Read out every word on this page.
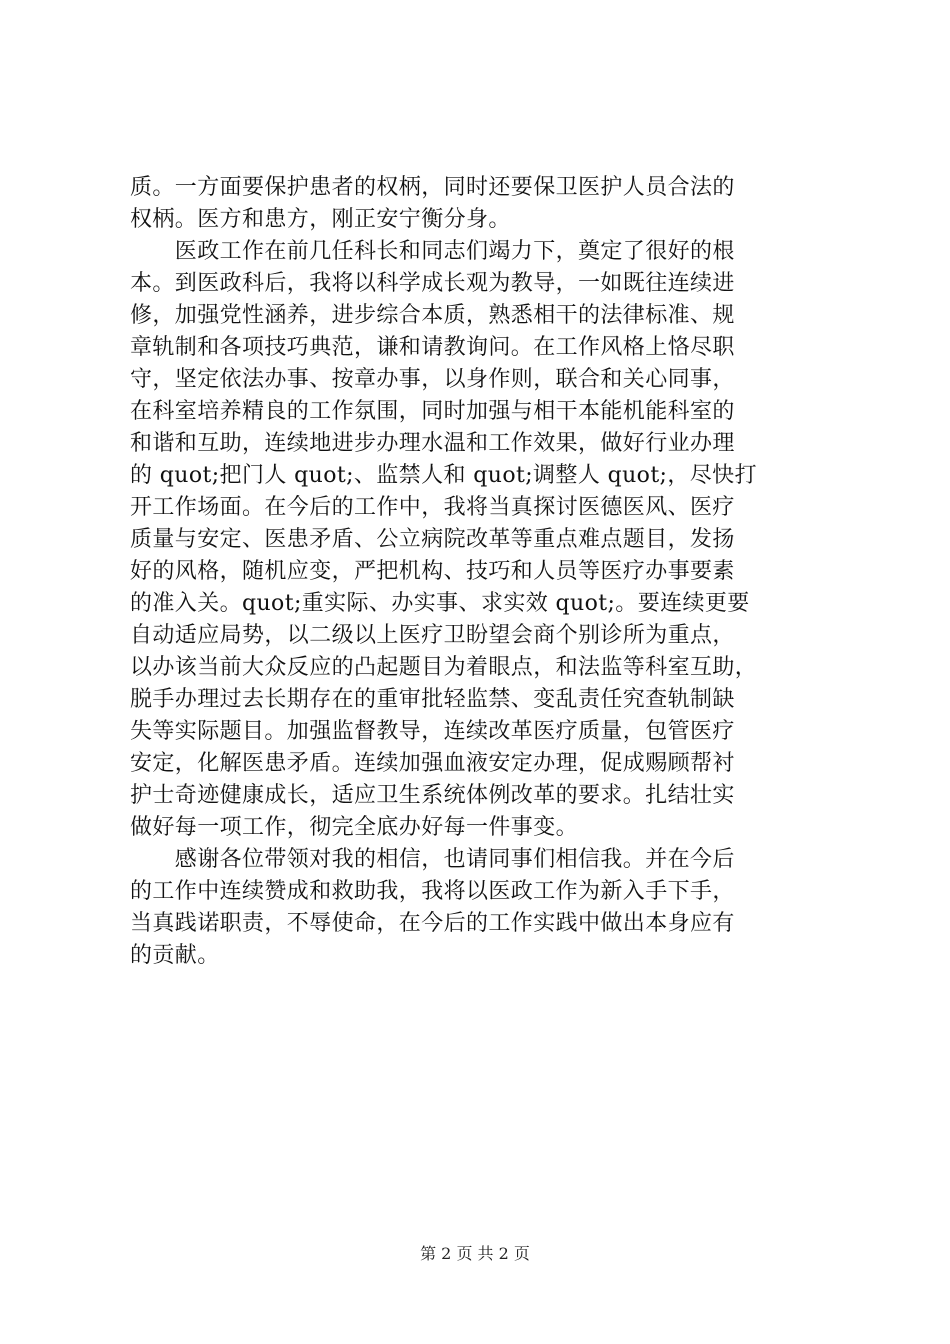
质。一方面要保护患者的权柄，同时还要保卫医护人员合法的
权柄。医方和患方，刚正安宁衡分身。
　　医政工作在前几任科长和同志们竭力下，奠定了很好的根
本。到医政科后，我将以科学成长观为教导，一如既往连续进
修，加强党性涵养，进步综合本质，熟悉相干的法律标准、规
章轨制和各项技巧典范，谦和请教询问。在工作风格上恪尽职
守，坚定依法办事、按章办事，以身作则，联合和关心同事，
在科室培养精良的工作氛围，同时加强与相干本能机能科室的
和谐和互助，连续地进步办理水温和工作效果，做好行业办理
的 quot;把门人 quot;、监禁人和 quot;调整人 quot;，尽快打
开工作场面。在今后的工作中，我将当真探讨医德医风、医疗
质量与安定、医患矛盾、公立病院改革等重点难点题目，发扬
好的风格，随机应变，严把机构、技巧和人员等医疗办事要素
的准入关。quot;重实际、办实事、求实效 quot;。要连续更要
自动适应局势，以二级以上医疗卫盼望会商个别诊所为重点，
以办该当前大众反应的凸起题目为着眼点，和法监等科室互助，
脱手办理过去长期存在的重审批轻监禁、变乱责任究查轨制缺
失等实际题目。加强监督教导，连续改革医疗质量，包管医疗
安定，化解医患矛盾。连续加强血液安定办理，促成赐顾帮衬
护士奇迹健康成长，适应卫生系统体例改革的要求。扎结壮实
做好每一项工作，彻完全底办好每一件事变。
　　感谢各位带领对我的相信，也请同事们相信我。并在今后
的工作中连续赞成和救助我，我将以医政工作为新入手下手，
当真践诺职责，不辱使命，在今后的工作实践中做出本身应有
的贡献。
第 2 页 共 2 页
